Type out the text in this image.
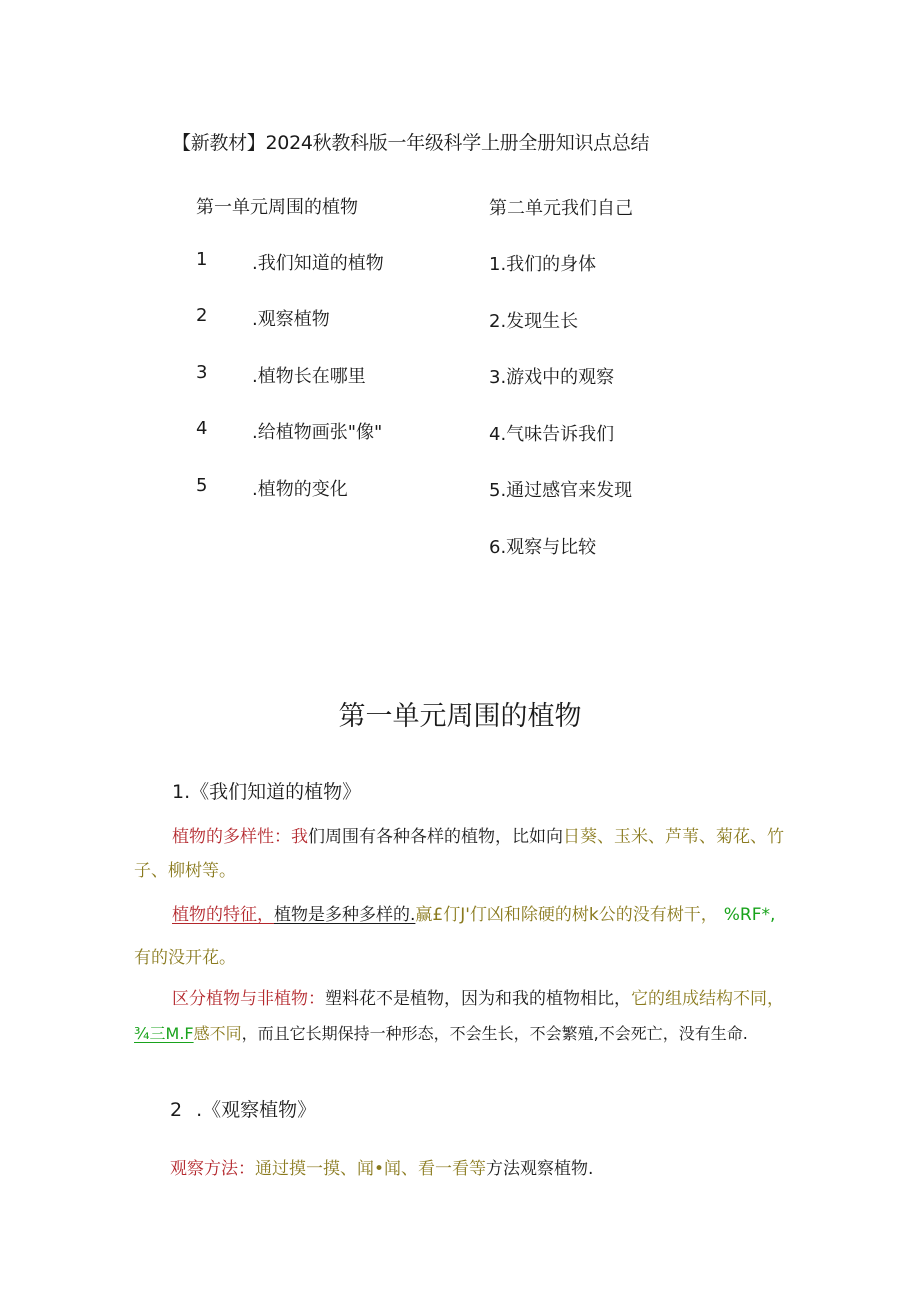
【新教材】2024秋教科版一年级科学上册全册知识点总结
第一单元周围的植物
1 .我们知道的植物
2 .观察植物
3 .植物长在哪里
4 .给植物画张"像"
5 .植物的变化
第二单元我们自己
1.我们的身体
2.发现生长
3.游戏中的观察
4.气味告诉我们
5.通过感官来发现
6.观察与比较
第一单元周围的植物
1.《我们知道的植物》
植物的多样性：我们周围有各种各样的植物，比如向日葵、玉米、芦苇、菊花、竹
子、柳树等。
植物的特征，植物是多种多样的.赢£仃J'仃凶和除硬的树k公的没有树干， %RF*,
有的没开花。
区分植物与非植物：塑料花不是植物，因为和我的植物相比，它的组成结构不同，
¾三M.F感不同，而且它长期保持一种形态，不会生长，不会繁殖,不会死亡，没有生命.
2 .《观察植物》
观察方法：通过摸一摸、闻•闻、看一看等方法观察植物.
